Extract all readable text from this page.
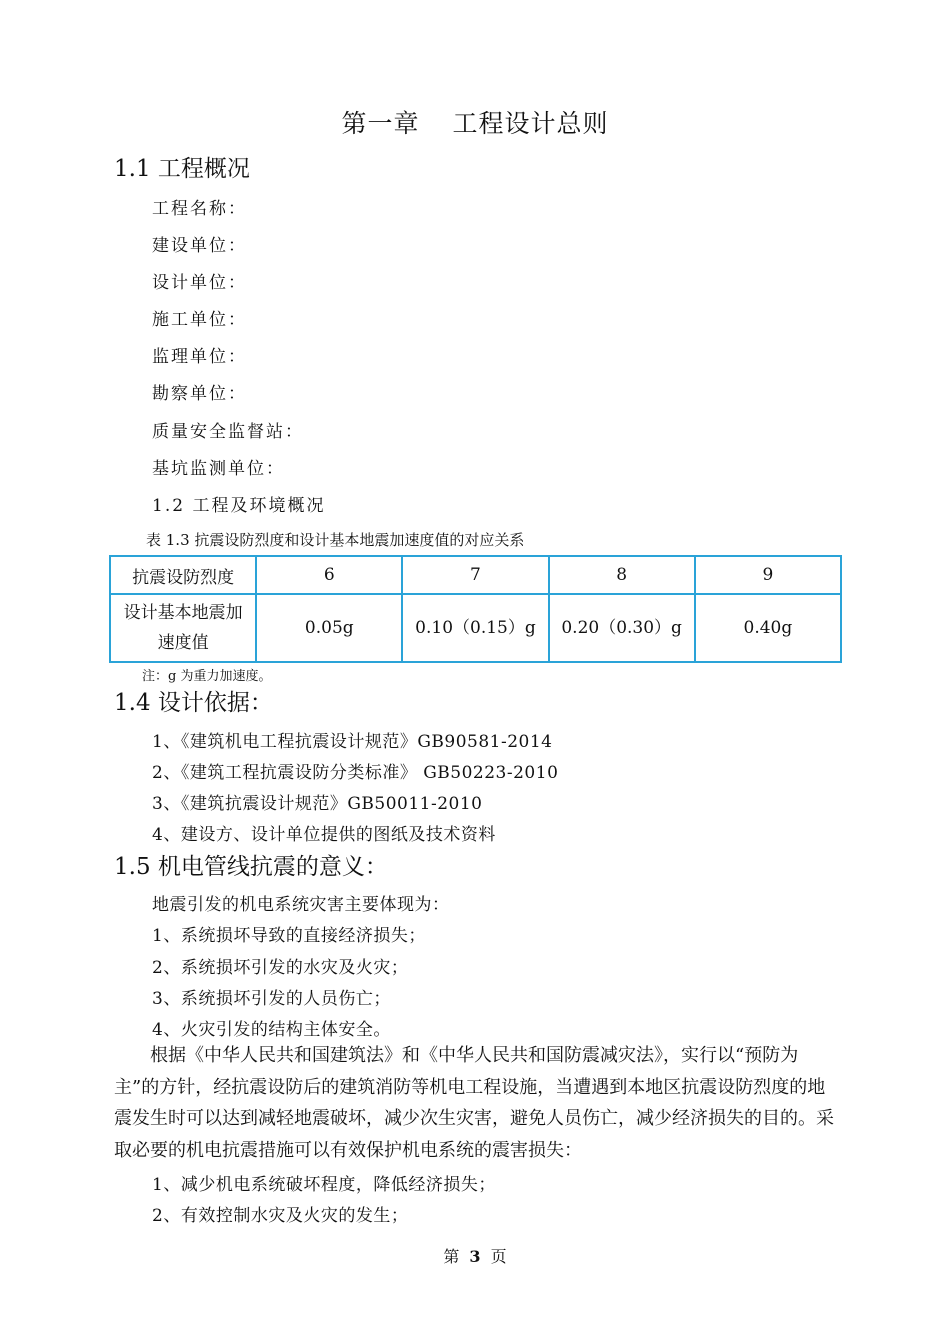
第一章 工程设计总则
1.1 工程概况
工程名称：
建设单位：
设计单位：
施工单位：
监理单位：
勘察单位：
质量安全监督站：
基坑监测单位：
1.2 工程及环境概况
表 1.3 抗震设防烈度和设计基本地震加速度值的对应关系
抗震设防烈度	6	7	8	9

设计基本地震加
速度值	0.05g	0.10（0.15）g	0.20（0.30）g	0.40g
注：g 为重力加速度。
1.4 设计依据：
1、《建筑机电工程抗震设计规范》GB90581-2014
2、《建筑工程抗震设防分类标准》 GB50223-2010
3、《建筑抗震设计规范》GB50011-2010
4、建设方、设计单位提供的图纸及技术资料
1.5 机电管线抗震的意义：
地震引发的机电系统灾害主要体现为：
1、系统损坏导致的直接经济损失；
2、系统损坏引发的水灾及火灾；
3、系统损坏引发的人员伤亡；
4、火灾引发的结构主体安全。
根据《中华人民共和国建筑法》和《中华人民共和国防震减灾法》，实行以“预防为主”的方针，经抗震设防后的建筑消防等机电工程设施，当遭遇到本地区抗震设防烈度的地震发生时可以达到减轻地震破坏，减少次生灾害，避免人员伤亡，减少经济损失的目的。采取必要的机电抗震措施可以有效保护机电系统的震害损失：
1、减少机电系统破坏程度，降低经济损失；
2、有效控制水灾及火灾的发生；
第 3 页
